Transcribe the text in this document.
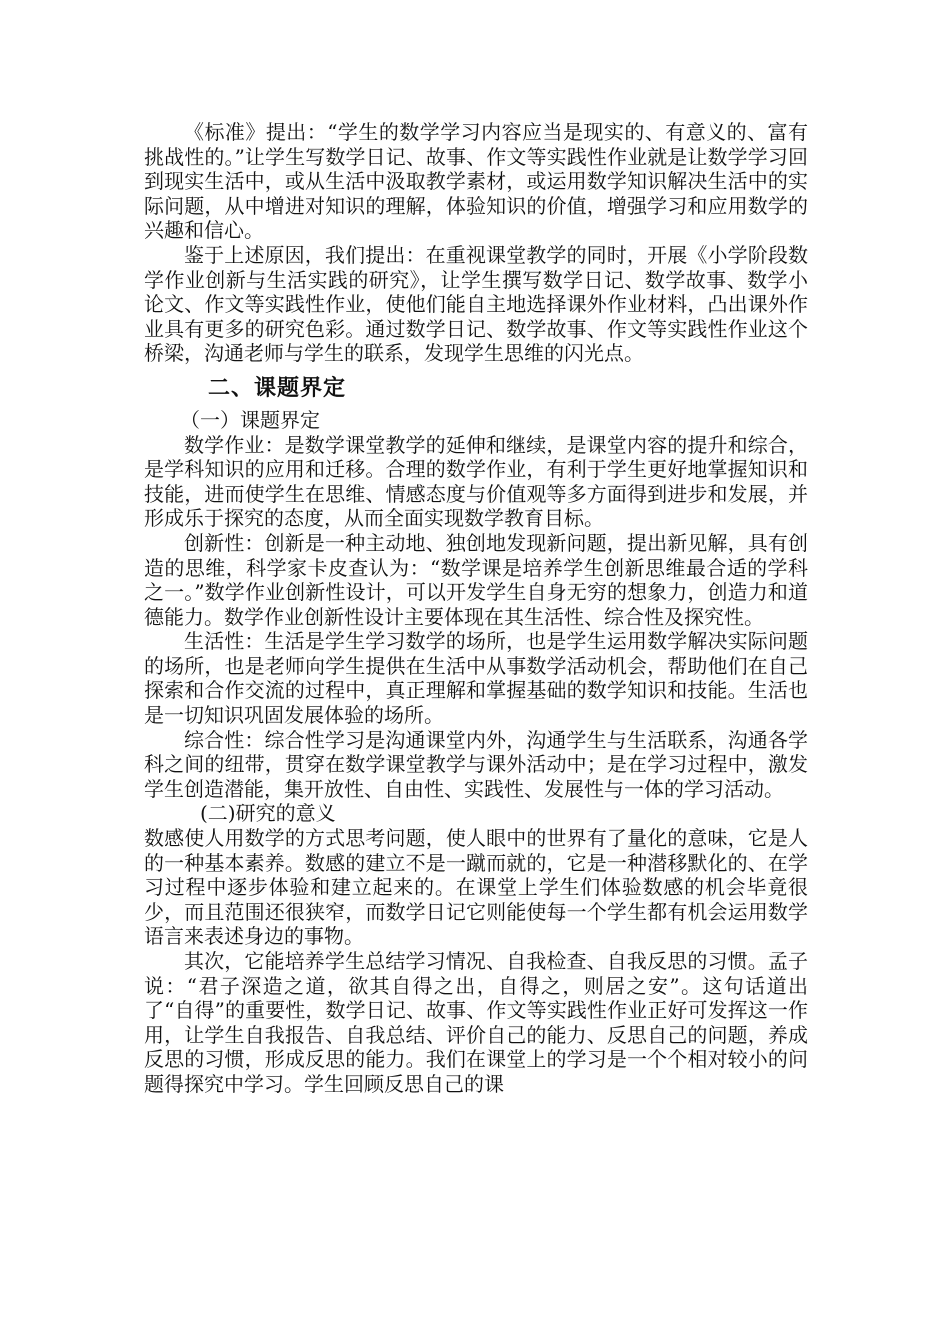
《标准》提出：“学生的数学学习内容应当是现实的、有意义的、富有挑战性的。”让学生写数学日记、故事、作文等实践性作业就是让数学学习回到现实生活中，或从生活中汲取教学素材，或运用数学知识解决生活中的实际问题，从中增进对知识的理解，体验知识的价值，增强学习和应用数学的兴趣和信心。

鉴于上述原因，我们提出：在重视课堂教学的同时，开展《小学阶段数学作业创新与生活实践的研究》，让学生撰写数学日记、数学故事、数学小论文、作文等实践性作业，使他们能自主地选择课外作业材料，凸出课外作业具有更多的研究色彩。通过数学日记、数学故事、作文等实践性作业这个桥梁，沟通老师与学生的联系，发现学生思维的闪光点。

二、课题界定

（一）课题界定

数学作业：是数学课堂教学的延伸和继续，是课堂内容的提升和综合，是学科知识的应用和迁移。合理的数学作业，有利于学生更好地掌握知识和技能，进而使学生在思维、情感态度与价值观等多方面得到进步和发展，并形成乐于探究的态度，从而全面实现数学教育目标。

创新性：创新是一种主动地、独创地发现新问题，提出新见解，具有创造的思维，科学家卡皮查认为：“数学课是培养学生创新思维最合适的学科之一。”数学作业创新性设计，可以开发学生自身无穷的想象力，创造力和道德能力。数学作业创新性设计主要体现在其生活性、综合性及探究性。

生活性：生活是学生学习数学的场所，也是学生运用数学解决实际问题的场所，也是老师向学生提供在生活中从事数学活动机会，帮助他们在自己探索和合作交流的过程中，真正理解和掌握基础的数学知识和技能。生活也是一切知识巩固发展体验的场所。

综合性：综合性学习是沟通课堂内外，沟通学生与生活联系，沟通各学科之间的纽带，贯穿在数学课堂教学与课外活动中；是在学习过程中，激发学生创造潜能，集开放性、自由性、实践性、发展性与一体的学习活动。

(二)研究的意义

数感使人用数学的方式思考问题，使人眼中的世界有了量化的意味，它是人的一种基本素养。数感的建立不是一蹴而就的，它是一种潜移默化的、在学习过程中逐步体验和建立起来的。在课堂上学生们体验数感的机会毕竟很少，而且范围还很狭窄，而数学日记它则能使每一个学生都有机会运用数学语言来表述身边的事物。

其次，它能培养学生总结学习情况、自我检查、自我反思的习惯。孟子说：“君子深造之道，欲其自得之出，自得之，则居之安”。这句话道出了“自得”的重要性，数学日记、故事、作文等实践性作业正好可发挥这一作用，让学生自我报告、自我总结、评价自己的能力、反思自己的问题，养成反思的习惯，形成反思的能力。我们在课堂上的学习是一个个相对较小的问题得探究中学习。学生回顾反思自己的课
